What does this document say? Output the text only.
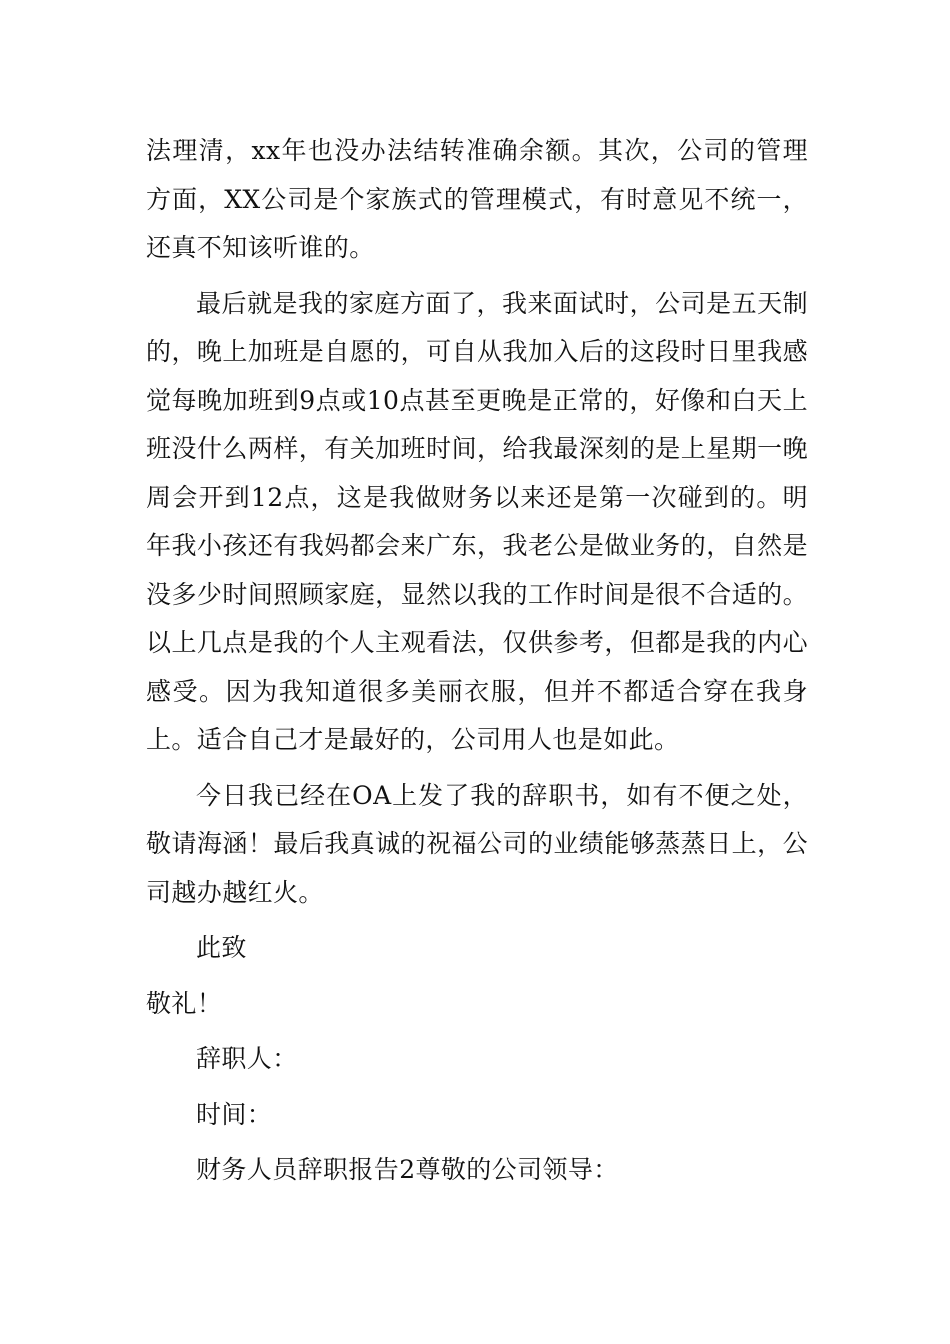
法理清，xx年也没办法结转准确余额。其次，公司的管理方面，XX公司是个家族式的管理模式，有时意见不统一，还真不知该听谁的。

最后就是我的家庭方面了，我来面试时，公司是五天制的，晚上加班是自愿的，可自从我加入后的这段时日里我感觉每晚加班到9点或10点甚至更晚是正常的，好像和白天上班没什么两样，有关加班时间，给我最深刻的是上星期一晚周会开到12点，这是我做财务以来还是第一次碰到的。明年我小孩还有我妈都会来广东，我老公是做业务的，自然是没多少时间照顾家庭，显然以我的工作时间是很不合适的。以上几点是我的个人主观看法，仅供参考，但都是我的内心感受。因为我知道很多美丽衣服，但并不都适合穿在我身上。适合自己才是最好的，公司用人也是如此。

今日我已经在OA上发了我的辞职书，如有不便之处，敬请海涵！最后我真诚的祝福公司的业绩能够蒸蒸日上，公司越办越红火。

此致

敬礼！

辞职人：

时间：

财务人员辞职报告2尊敬的公司领导：
